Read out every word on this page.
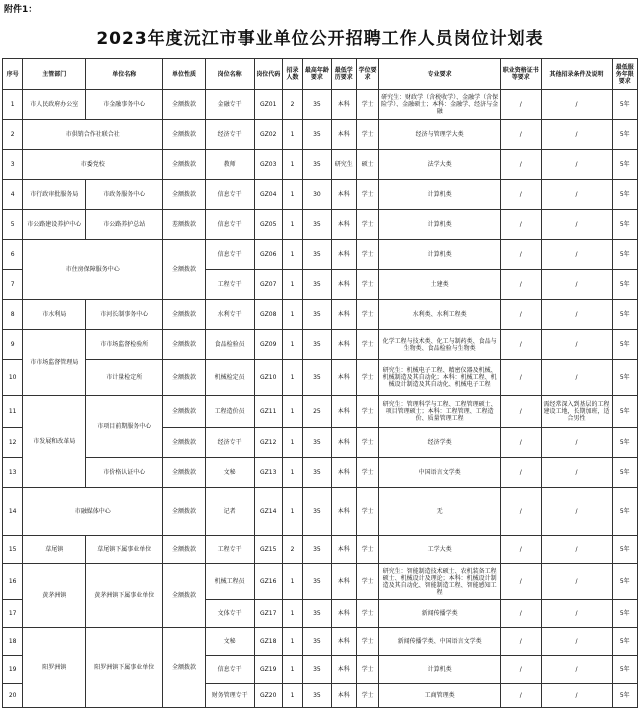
附件1：
2023年度沅江市事业单位公开招聘工作人员岗位计划表
序号	主管部门	单位名称	单位性质	岗位名称	岗位代码	招录人数	最高年龄要求	最低学历要求	学位要求	专业要求	职业资格证书等要求	其他招录条件及说明	最低服务年限要求
1	市人民政府办公室	市金融事务中心	全额拨款	金融专干	GZ01	2	35	本科	学士	研究生：财政学（含税收学）、金融学（含保险学）、金融硕士；本科：金融学、经济与金融	/	/	5年
2	市供销合作社联合社		全额拨款	经济专干	GZ02	1	35	本科	学士	经济与管理学大类	/	/	5年
3	市委党校		全额拨款	教师	GZ03	1	35	研究生	硕士	法学大类	/	/	5年
4	市行政审批服务局	市政务服务中心	全额拨款	信息专干	GZ04	1	30	本科	学士	计算机类	/	/	5年
5	市公路建设养护中心	市公路养护总站	差额拨款	信息专干	GZ05	1	35	本科	学士	计算机类	/	/	5年
6	市住房保障服务中心		全额拨款	信息专干	GZ06	1	35	本科	学士	计算机类	/	/	5年
7				工程专干	GZ07	1	35	本科	学士	土建类	/	/	5年
8	市水利局	市河长制事务中心	全额拨款	水利专干	GZ08	1	35	本科	学士	水利类、水利工程类	/	/	5年
9	市市场监督管理局	市市场监督检验所	全额拨款	食品检验员	GZ09	1	35	本科	学士	化学工程与技术类、化工与制药类、食品与生物类、食品检验与生物类	/	/	5年
10		市计量检定所	全额拨款	机械检定员	GZ10	1	35	本科	学士	研究生：机械电子工程、精密仪器及机械、机械制造及其自动化；本科：机械工程、机械设计制造及其自动化、机械电子工程	/	/	5年
11	市发展和改革局	市项目前期服务中心	全额拨款	工程造价员	GZ11	1	25	本科	学士	研究生：管理科学与工程、工程管理硕士、项目管理硕士；本科：工程管理、工程造价、质量管理工程	/	需经常深入到基层的工程建设工地，长期加班，适合男性	5年
12			全额拨款	经济专干	GZ12	1	35	本科	学士	经济学类	/	/	5年
13		市价格认证中心	全额拨款	文秘	GZ13	1	35	本科	学士	中国语言文学类	/	/	5年
14	市融媒体中心		全额拨款	记者	GZ14	1	35	本科	学士	无	/	/	5年
15	草尾镇	草尾镇下属事业单位	全额拨款	工程专干	GZ15	2	35	本科	学士	工学大类	/	/	5年
16	黄茅洲镇	黄茅洲镇下属事业单位	全额拨款	机械工程员	GZ16	1	35	本科	学士	研究生：智能制造技术硕士、农机装备工程硕士、机械设计及理论；本科：机械设计制造及其自动化、智能制造工程、智能感知工程	/	/	5年
17				文体专干	GZ17	1	35	本科	学士	新闻传播学类	/	/	5年
18	阳罗洲镇	阳罗洲镇下属事业单位	全额拨款	文秘	GZ18	1	35	本科	学士	新闻传播学类、中国语言文学类	/	/	5年
19				信息专干	GZ19	1	35	本科	学士	计算机类	/	/	5年
20				财务管理专干	GZ20	1	35	本科	学士	工商管理类	/	/	5年
